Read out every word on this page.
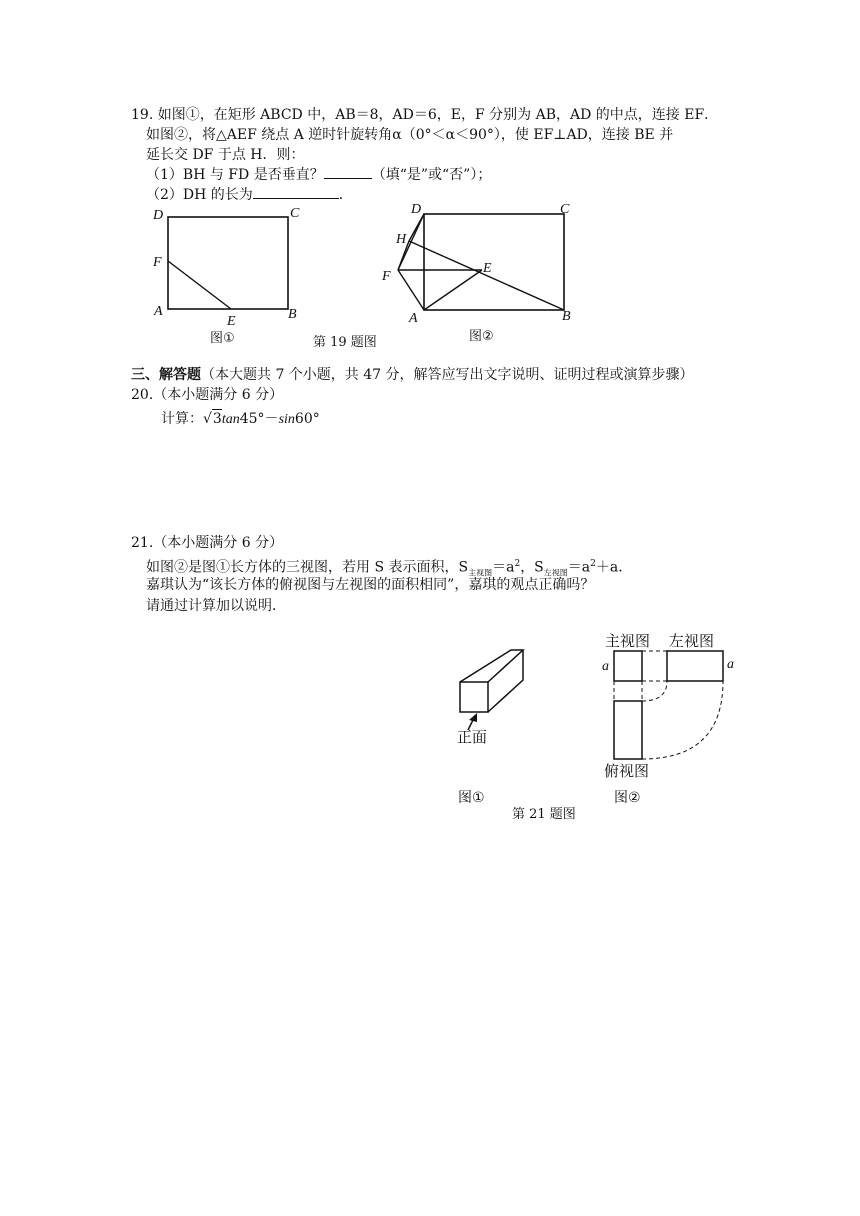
19. 如图①，在矩形 ABCD 中，AB＝8，AD＝6，E，F 分别为 AB，AD 的中点，连接 EF．
如图②，将△AEF 绕点 A 逆时针旋转角α（0°＜α＜90°），使 EF⊥AD，连接 BE 并
延长交 DF 于点 H．则：
（1）BH 与 FD 是否垂直？	（填“是”或“否”）；
（2）DH 的长为	．
D	C
F
A
E	B
图①	第 19 题图
D	C
H
F
E
A	B
图②
三、解答题（本大题共 7 个小题，共 47 分，解答应写出文字说明、证明过程或演算步骤）
20.（本小题满分 6 分）
计算：√3tan45°－sin60°
21.（本小题满分 6 分）
如图②是图①长方体的三视图，若用 S 表示面积，$S_{主视图}=a^2$，$S_{左视图}=a^2+a$．
嘉琪认为“该长方体的俯视图与左视图的面积相同”，嘉琪的观点正确吗？
请通过计算加以说明．
正面
图①
主视图 左视图
a	a
俯视图
图②
第 21 题图
